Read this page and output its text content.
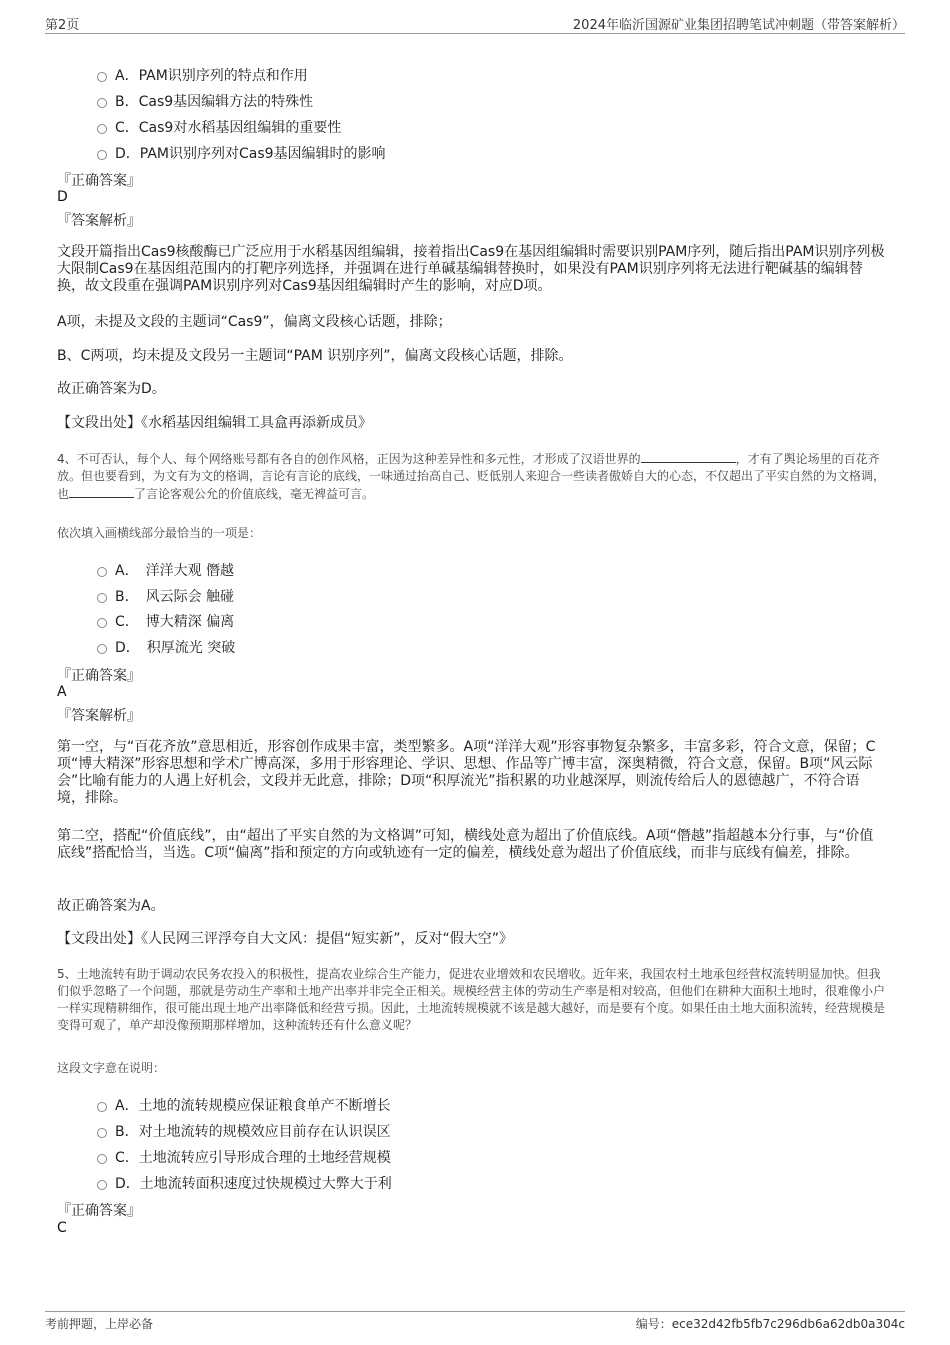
第2页	2024年临沂国源矿业集团招聘笔试冲刺题（带答案解析）
A．PAM识别序列的特点和作用
B．Cas9基因编辑方法的特殊性
C．Cas9对水稻基因组编辑的重要性
D．PAM识别序列对Cas9基因编辑时的影响
『正确答案』
D
『答案解析』

文段开篇指出Cas9核酸酶已广泛应用于水稻基因组编辑，接着指出Cas9在基因组编辑时需要识别PAM序列，随后指出PAM识别序列极大限制Cas9在基因组范围内的打靶序列选择，并强调在进行单碱基编辑替换时，如果没有PAM识别序列将无法进行靶碱基的编辑替换，故文段重在强调PAM识别序列对Cas9基因组编辑时产生的影响，对应D项。

A项，未提及文段的主题词“Cas9”，偏离文段核心话题，排除；

B、C两项，均未提及文段另一主题词“PAM 识别序列”，偏离文段核心话题，排除。

故正确答案为D。

【文段出处】《水稻基因组编辑工具盒再添新成员》

4、不可否认，每个人、每个网络账号都有各自的创作风格，正因为这种差异性和多元性，才形成了汉语世界的	，才有了舆论场里的百花齐放。但也要看到，为文有为文的格调，言论有言论的底线，一味通过抬高自己、贬低别人来迎合一些读者傲娇自大的心态，不仅超出了平实自然的为文格调，也	了言论客观公允的价值底线，毫无裨益可言。

依次填入画横线部分最恰当的一项是：

A．　洋洋大观 僭越
B．　风云际会 触碰
C．　博大精深 偏离
D．　积厚流光 突破
『正确答案』
A
『答案解析』

第一空，与“百花齐放”意思相近，形容创作成果丰富，类型繁多。A项“洋洋大观”形容事物复杂繁多，丰富多彩，符合文意，保留；C项“博大精深”形容思想和学术广博高深，多用于形容理论、学识、思想、作品等广博丰富，深奥精微，符合文意，保留。B项“风云际会”比喻有能力的人遇上好机会，文段并无此意，排除；D项“积厚流光”指积累的功业越深厚，则流传给后人的恩德越广，不符合语境，排除。

第二空，搭配“价值底线”，由“超出了平实自然的为文格调”可知，横线处意为超出了价值底线。A项“僭越”指超越本分行事，与“价值底线”搭配恰当，当选。C项“偏离”指和预定的方向或轨迹有一定的偏差，横线处意为超出了价值底线，而非与底线有偏差，排除。

故正确答案为A。

【文段出处】《人民网三评浮夸自大文风：提倡“短实新”，反对“假大空”》

5、土地流转有助于调动农民务农投入的积极性，提高农业综合生产能力，促进农业增效和农民增收。近年来，我国农村土地承包经营权流转明显加快。但我们似乎忽略了一个问题，那就是劳动生产率和土地产出率并非完全正相关。规模经营主体的劳动生产率是相对较高，但他们在耕种大面积土地时，很难像小户一样实现精耕细作，很可能出现土地产出率降低和经营亏损。因此，土地流转规模就不该是越大越好，而是要有个度。如果任由土地大面积流转，经营规模是变得可观了，单产却没像预期那样增加，这种流转还有什么意义呢？

这段文字意在说明：

A．土地的流转规模应保证粮食单产不断增长
B．对土地流转的规模效应目前存在认识误区
C．土地流转应引导形成合理的土地经营规模
D．土地流转面积速度过快规模过大弊大于利
『正确答案』
C
考前押题，上岸必备	编号：ece32d42fb5fb7c296db6a62db0a304c
